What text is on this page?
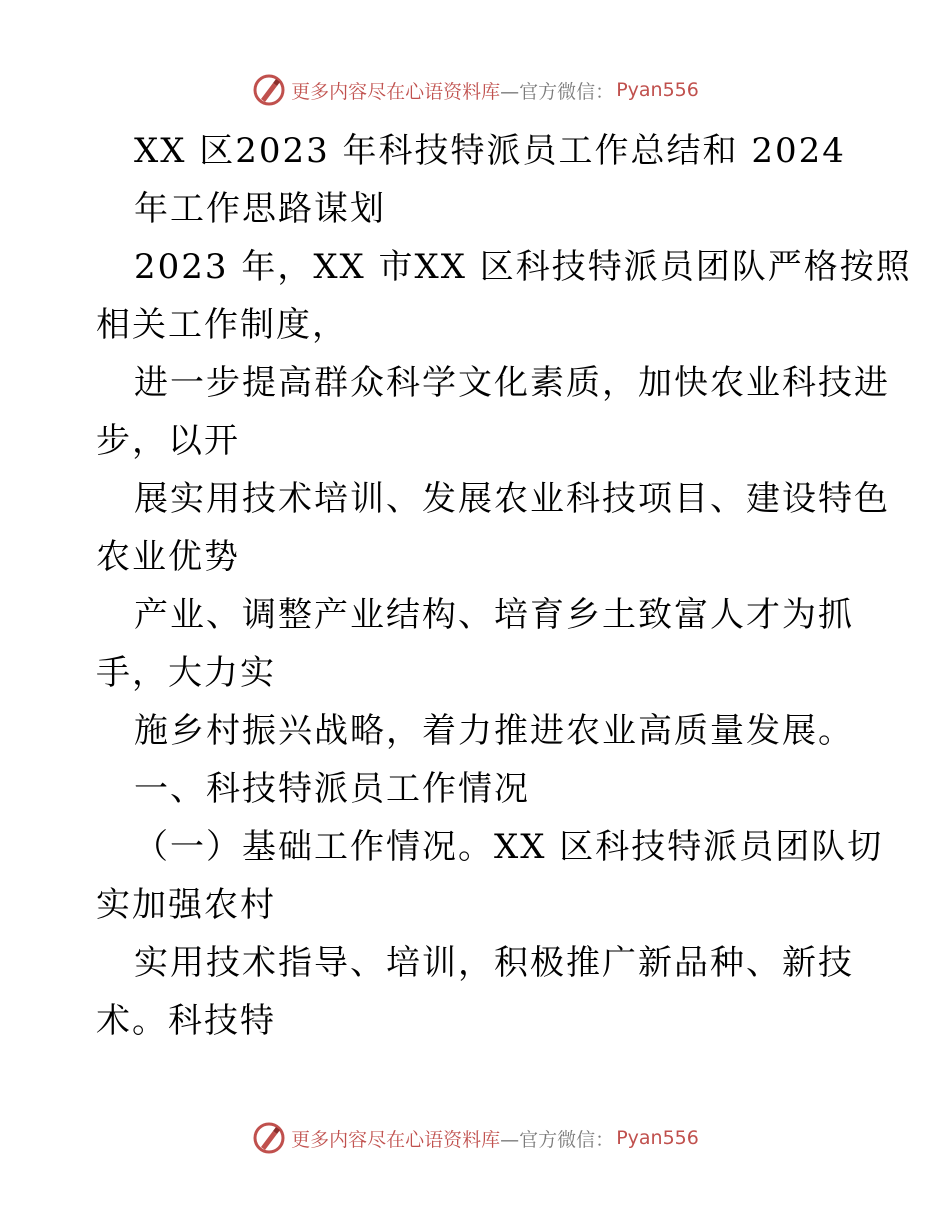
更多内容尽在心语资料库 —官方微信： Pyan556
XX 区2023 年科技特派员工作总结和 2024
年工作思路谋划
2023 年，XX 市XX 区科技特派员团队严格按照
相关工作制度，
进一步提高群众科学文化素质，加快农业科技进
步，以开
展实用技术培训、发展农业科技项目、建设特色
农业优势
产业、调整产业结构、培育乡土致富人才为抓
手，大力实
施乡村振兴战略，着力推进农业高质量发展。
一、科技特派员工作情况
（一）基础工作情况。XX 区科技特派员团队切
实加强农村
实用技术指导、培训，积极推广新品种、新技
术。科技特
更多内容尽在心语资料库 —官方微信： Pyan556
